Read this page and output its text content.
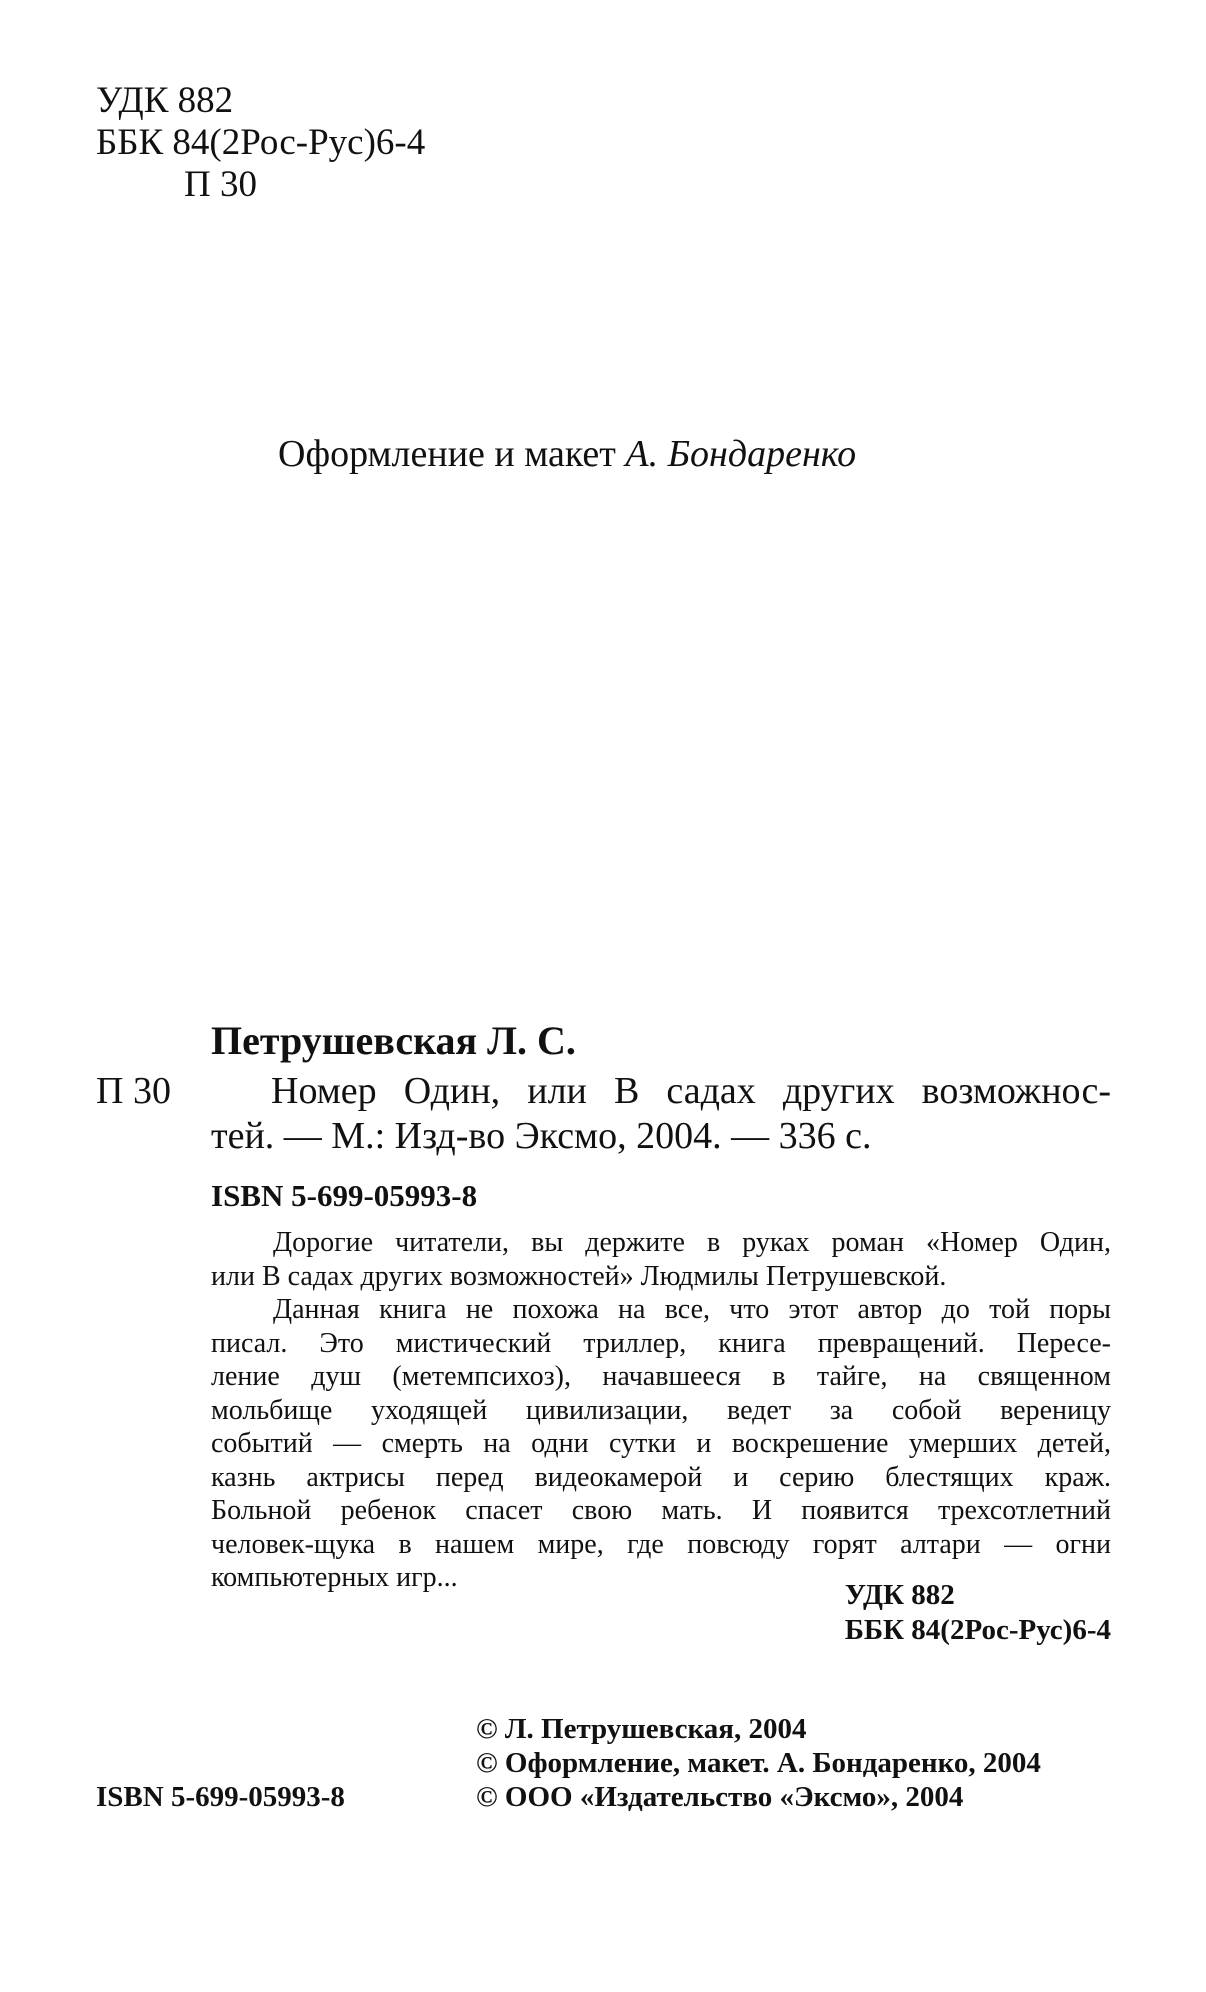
УДК 882
ББК 84(2Рос-Рус)6-4
П 30
Оформление и макет А. Бондаренко
Петрушевская Л. С.
П 30	Номер Один, или В садах других возможнос-
тей. — М.: Изд-во Эксмо, 2004. — 336 с.
ISBN 5-699-05993-8
Дорогие читатели, вы держите в руках роман «Номер Один,
или В садах других возможностей» Людмилы Петрушевской.
Данная книга не похожа на все, что этот автор до той поры
писал. Это мистический триллер, книга превращений. Пересе-
ление душ (метемпсихоз), начавшееся в тайге, на священном
мольбище уходящей цивилизации, ведет за собой вереницу
событий — смерть на одни сутки и воскрешение умерших детей,
казнь актрисы перед видеокамерой и серию блестящих краж.
Больной ребенок спасет свою мать. И появится трехсотлетний
человек-щука в нашем мире, где повсюду горят алтари — огни
компьютерных игр...
УДК 882
ББК 84(2Рос-Рус)6-4
© Л. Петрушевская, 2004
© Оформление, макет. А. Бондаренко, 2004
© ООО «Издательство «Эксмо», 2004
ISBN 5-699-05993-8
